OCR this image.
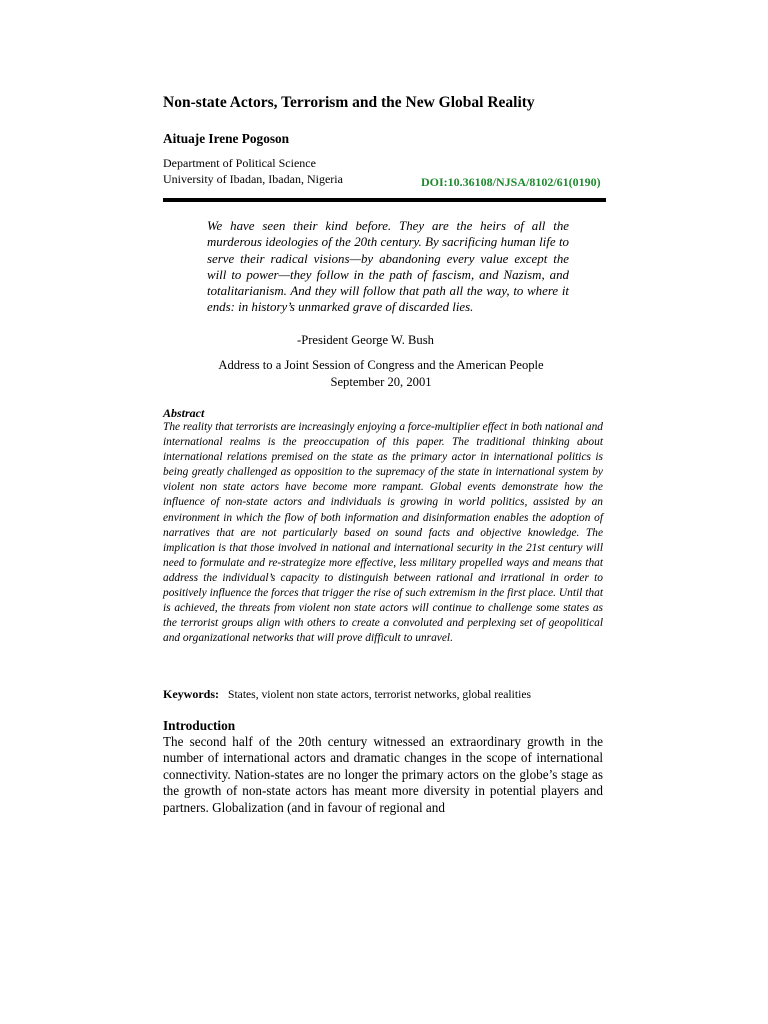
Non-state Actors, Terrorism and the New Global Reality
Aituaje Irene Pogoson
Department of Political Science
University of Ibadan, Ibadan, Nigeria	DOI:10.36108/NJSA/8102/61(0190)
We have seen their kind before. They are the heirs of all the murderous ideologies of the 20th century. By sacrificing human life to serve their radical visions—by abandoning every value except the will to power—they follow in the path of fascism, and Nazism, and totalitarianism. And they will follow that path all the way, to where it ends: in history’s unmarked grave of discarded lies.
-President George W. Bush
Address to a Joint Session of Congress and the American People
September 20, 2001
Abstract
The reality that terrorists are increasingly enjoying a force-multiplier effect in both national and international realms is the preoccupation of this paper. The traditional thinking about international relations premised on the state as the primary actor in international politics is being greatly challenged as opposition to the supremacy of the state in international system by violent non state actors have become more rampant. Global events demonstrate how the influence of non-state actors and individuals is growing in world politics, assisted by an environment in which the flow of both information and disinformation enables the adoption of narratives that are not particularly based on sound facts and objective knowledge. The implication is that those involved in national and international security in the 21st century will need to formulate and re-strategize more effective, less military propelled ways and means that address the individual’s capacity to distinguish between rational and irrational in order to positively influence the forces that trigger the rise of such extremism in the first place. Until that is achieved, the threats from violent non state actors will continue to challenge some states as the terrorist groups align with others to create a convoluted and perplexing set of geopolitical and organizational networks that will prove difficult to unravel.
Keywords: States, violent non state actors, terrorist networks, global realities
Introduction
The second half of the 20th century witnessed an extraordinary growth in the number of international actors and dramatic changes in the scope of international connectivity. Nation-states are no longer the primary actors on the globe’s stage as the growth of non-state actors has meant more diversity in potential players and partners. Globalization (and in favour of regional and
